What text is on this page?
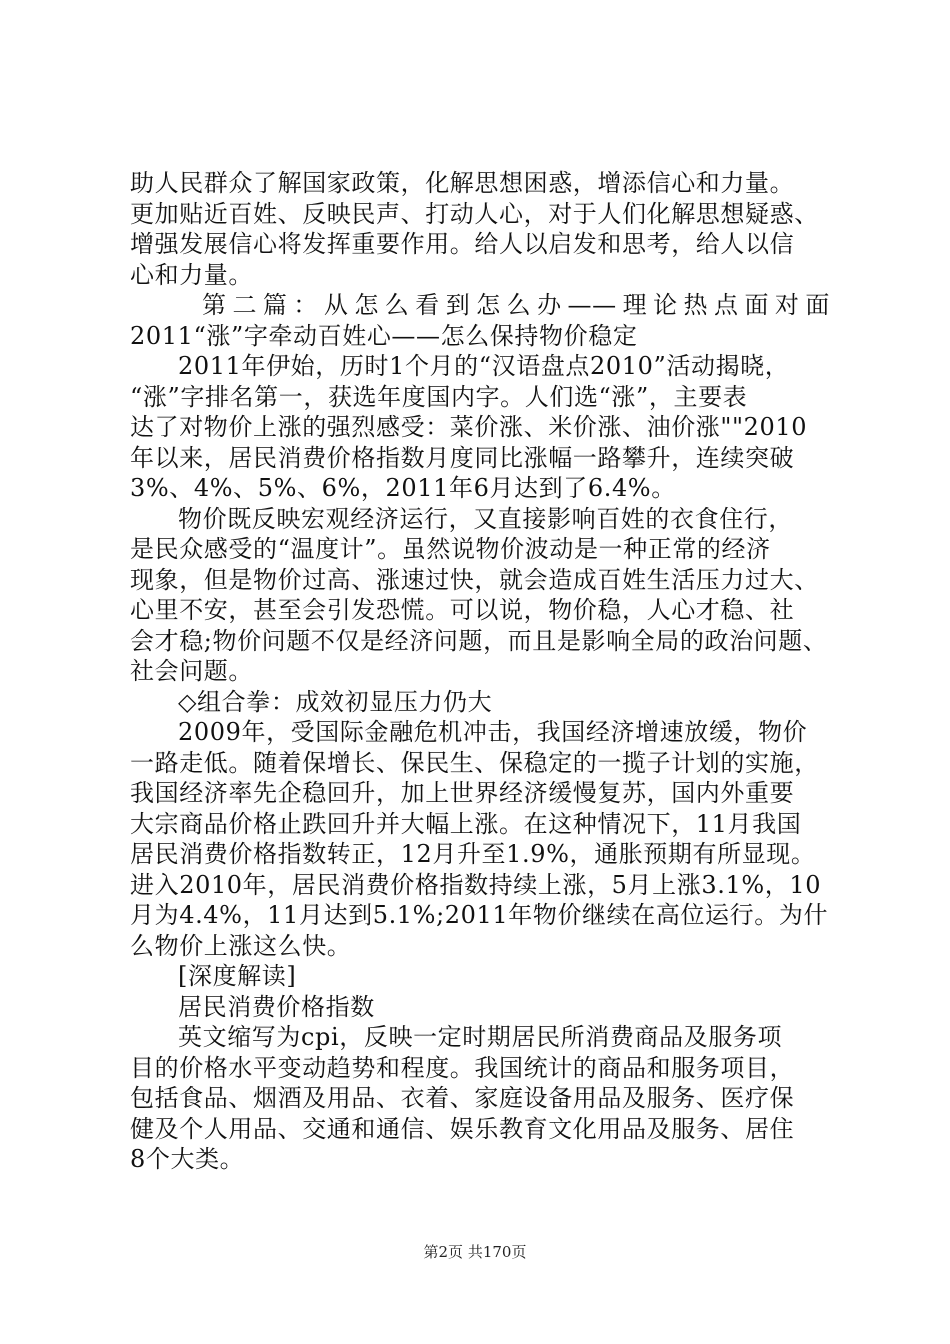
助人民群众了解国家政策，化解思想困惑，增添信心和力量。
更加贴近百姓、反映民声、打动人心，对于人们化解思想疑惑、
增强发展信心将发挥重要作用。给人以启发和思考，给人以信
心和力量。
第二篇：从怎么看到怎么办——理论热点面对面
2011“涨”字牵动百姓心——怎么保持物价稳定
2011年伊始，历时1个月的“汉语盘点2010”活动揭晓，
“涨”字排名第一，获选年度国内字。人们选“涨”，主要表
达了对物价上涨的强烈感受：菜价涨、米价涨、油价涨""2010
年以来，居民消费价格指数月度同比涨幅一路攀升，连续突破
3%、4%、5%、6%，2011年6月达到了6.4%。
物价既反映宏观经济运行，又直接影响百姓的衣食住行，
是民众感受的“温度计”。虽然说物价波动是一种正常的经济
现象，但是物价过高、涨速过快，就会造成百姓生活压力过大、
心里不安，甚至会引发恐慌。可以说，物价稳，人心才稳、社
会才稳;物价问题不仅是经济问题，而且是影响全局的政治问题、
社会问题。
◇组合拳：成效初显压力仍大
2009年，受国际金融危机冲击，我国经济增速放缓，物价
一路走低。随着保增长、保民生、保稳定的一揽子计划的实施，
我国经济率先企稳回升，加上世界经济缓慢复苏，国内外重要
大宗商品价格止跌回升并大幅上涨。在这种情况下，11月我国
居民消费价格指数转正，12月升至1.9%，通胀预期有所显现。
进入2010年，居民消费价格指数持续上涨，5月上涨3.1%，10
月为4.4%，11月达到5.1%;2011年物价继续在高位运行。为什
么物价上涨这么快。
[深度解读]
居民消费价格指数
英文缩写为cpi，反映一定时期居民所消费商品及服务项
目的价格水平变动趋势和程度。我国统计的商品和服务项目，
包括食品、烟酒及用品、衣着、家庭设备用品及服务、医疗保
健及个人用品、交通和通信、娱乐教育文化用品及服务、居住
8个大类。
第2页 共170页
